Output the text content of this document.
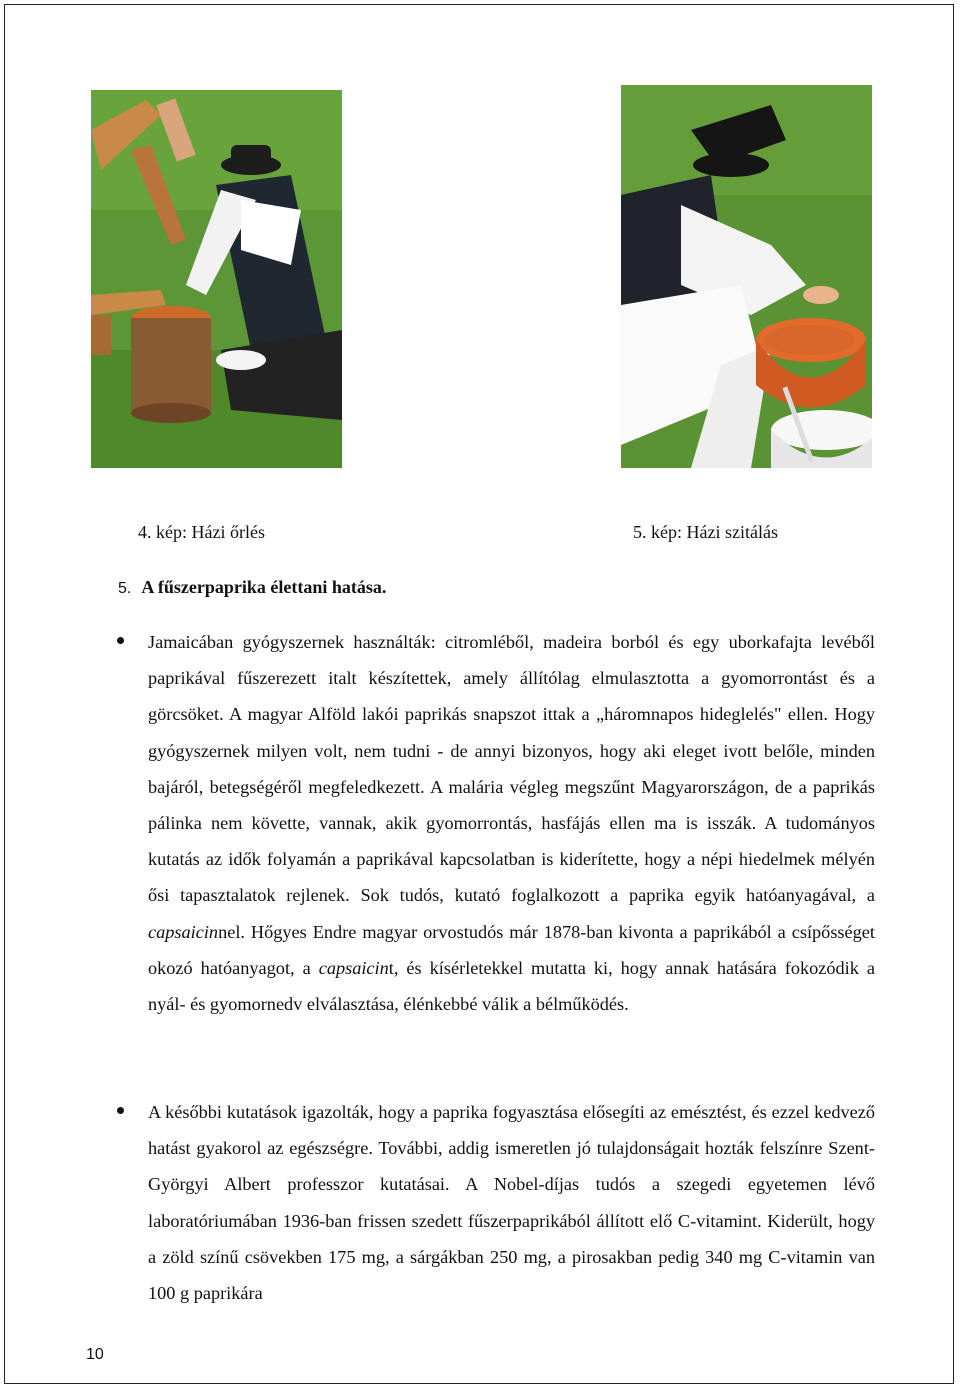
4. kép: Házi őrlés	5. kép: Házi szitálás
5. A fűszerpaprika élettani hatása.

Jamaicában gyógyszernek használták: citromléből, madeira borból és egy uborkafajta levéből paprikával fűszerezett italt készítettek, amely állítólag elmulasztotta a gyomorrontást és a görcsöket. A magyar Alföld lakói paprikás snapszot ittak a „háromnapos hideglelés" ellen. Hogy gyógyszernek milyen volt, nem tudni - de annyi bizonyos, hogy aki eleget ivott belőle, minden bajáról, betegségéről megfeledkezett. A malária végleg megszűnt Magyarországon, de a paprikás pálinka nem követte, vannak, akik gyomorrontás, hasfájás ellen ma is isszák. A tudományos kutatás az idők folyamán a paprikával kapcsolatban is kiderítette, hogy a népi hiedelmek mélyén ősi tapasztalatok rejlenek. Sok tudós, kutató foglalkozott a paprika egyik hatóanyagával, a capsaicinnel. Hőgyes Endre magyar orvostudós már 1878-ban kivonta a paprikából a csípősséget okozó hatóanyagot, a capsaicint, és kísérletekkel mutatta ki, hogy annak hatására fokozódik a nyál- és gyomornedv elválasztása, élénkebbé válik a bélműködés.

A későbbi kutatások igazolták, hogy a paprika fogyasztása elősegíti az emésztést, és ezzel kedvező hatást gyakorol az egészségre. További, addig ismeretlen jó tulajdonságait hozták felszínre Szent-Györgyi Albert professzor kutatásai. A Nobel-díjas tudós a szegedi egyetemen lévő laboratóriumában 1936-ban frissen szedett fűszerpaprikából állított elő C-vitamint. Kiderült, hogy a zöld színű csövekben 175 mg, a sárgákban 250 mg, a pirosakban pedig 340 mg C-vitamin van 100 g paprikára

10
